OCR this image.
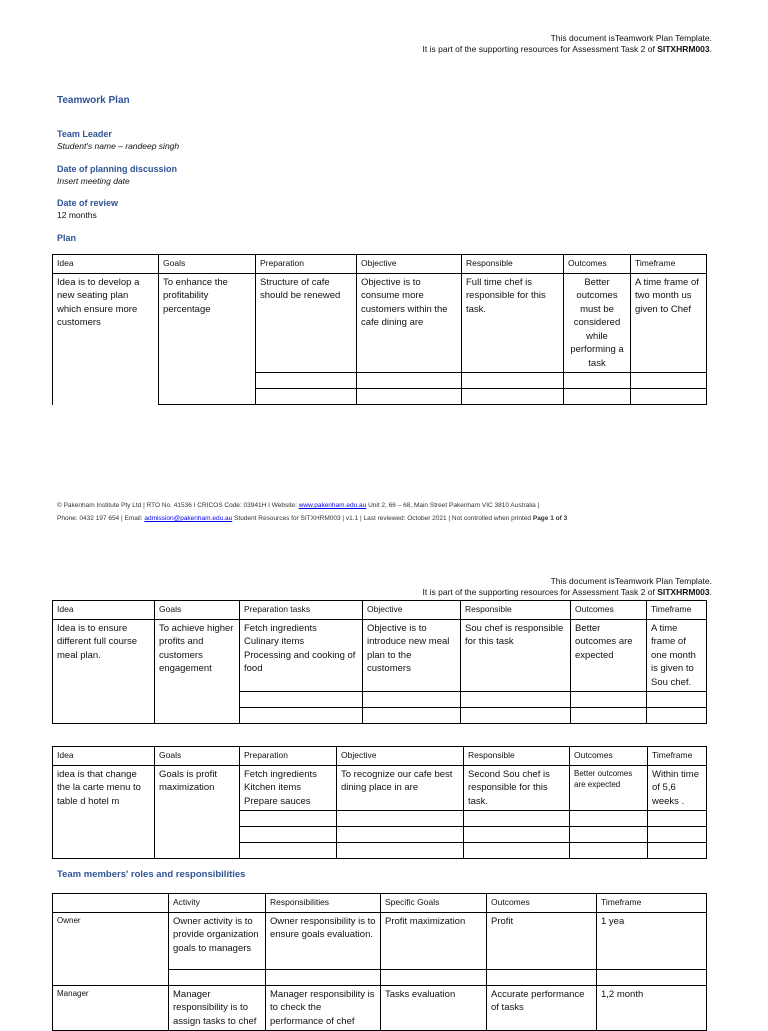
This document isTeamwork Plan Template.
It is part of the supporting resources for Assessment Task 2 of SITXHRM003.
Teamwork Plan
Team Leader
Student's name – randeep singh
Date of planning discussion
Insert meeting date
Date of review
12 months
Plan
Idea	Goals	Preparation	Objective	Responsible	Outcomes	Timeframe
Idea is to develop a new seating plan which ensure more customers	To enhance the profitability percentage	Structure of cafe should be renewed	Objective is to consume more customers within the cafe dining are	Full time chef is responsible for this task.	Better outcomes must be considered while performing a task	A time frame of two month us given to Chef

© Pakenham Institute Pty Ltd | RTO No. 41536 I CRICOS Code: 03941H I Website: www.pakenham.edu.au Unit 2, 66 – 68, Main Street Pakenham VIC 3810 Australia |
Phone: 0432 197 654 | Email: admission@pakenham.edu.au Student Resources for SITXHRM003 | v1.1 | Last reviewed: October 2021 | Not controlled when printed Page 1 of 3
This document isTeamwork Plan Template.
It is part of the supporting resources for Assessment Task 2 of SITXHRM003.
Idea	Goals	Preparation tasks	Objective	Responsible	Outcomes	Timeframe
Idea is to ensure different full course meal plan.	To achieve higher profits and customers engagement	Fetch ingredients
Culinary items
Processing and cooking of food	Objective is to introduce new meal plan to the customers	Sou chef is responsible for this task	Better outcomes are expected	A time frame of one month is given to Sou chef.

Idea	Goals	Preparation	Objective	Responsible	Outcomes	Timeframe
idea is that change the la carte menu to table d hotel m	Goals is profit maximization	Fetch ingredients
Kitchen items
Prepare sauces	To recognize our cafe best dining place in are	Second Sou chef is responsible for this task.	Better outcomes are expected	Within time of 5,6 weeks .

Team members' roles and responsibilities
	Activity	Responsibilities	Specific Goals	Outcomes	Timeframe
Owner	Owner activity is to provide organization goals to managers	Owner responsibility is to ensure goals evaluation.	Profit maximization	Profit	1 yea

Manager	Manager responsibility is to assign tasks to chef	Manager responsibility is to check the performance of chef	Tasks evaluation	Accurate performance of tasks	1,2 month
